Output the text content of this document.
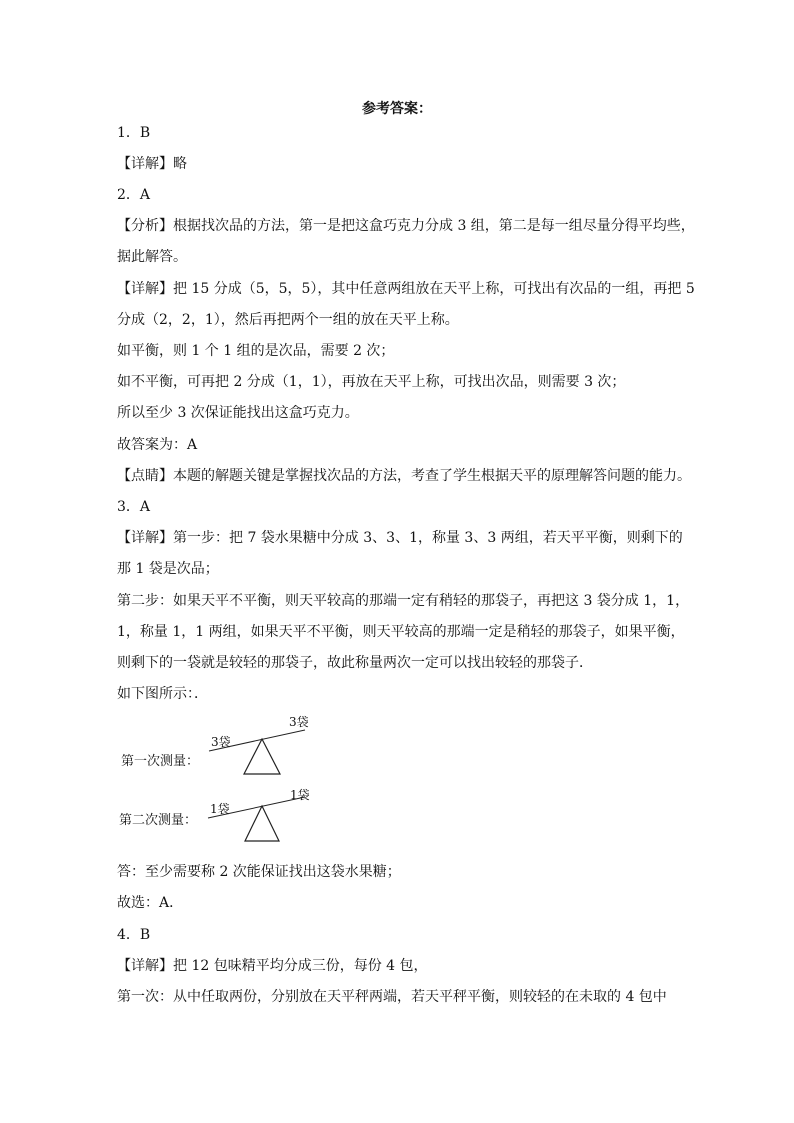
参考答案：
1．B
【详解】略
2．A
【分析】根据找次品的方法，第一是把这盒巧克力分成 3 组，第二是每一组尽量分得平均些，
据此解答。
【详解】把 15 分成（5，5，5），其中任意两组放在天平上称，可找出有次品的一组，再把 5
分成（2，2，1），然后再把两个一组的放在天平上称。
如平衡，则 1 个 1 组的是次品，需要 2 次；
如不平衡，可再把 2 分成（1，1），再放在天平上称，可找出次品，则需要 3 次；
所以至少 3 次保证能找出这盒巧克力。
故答案为：A
【点睛】本题的解题关键是掌握找次品的方法，考查了学生根据天平的原理解答问题的能力。
3．A
【详解】第一步：把 7 袋水果糖中分成 3、3、1，称量 3、3 两组，若天平平衡，则剩下的
那 1 袋是次品；
第二步：如果天平不平衡，则天平较高的那端一定有稍轻的那袋子，再把这 3 袋分成 1，1，
1，称量 1，1 两组，如果天平不平衡，则天平较高的那端一定是稍轻的那袋子，如果平衡，
则剩下的一袋就是较轻的那袋子，故此称量两次一定可以找出较轻的那袋子．
如下图所示：．
第一次测量：
3袋
3袋
第二次测量：
1袋
1袋
答：至少需要称 2 次能保证找出这袋水果糖；
故选：A．
4．B
【详解】把 12 包味精平均分成三份，每份 4 包，
第一次：从中任取两份，分别放在天平秤两端，若天平秤平衡，则较轻的在未取的 4 包中
